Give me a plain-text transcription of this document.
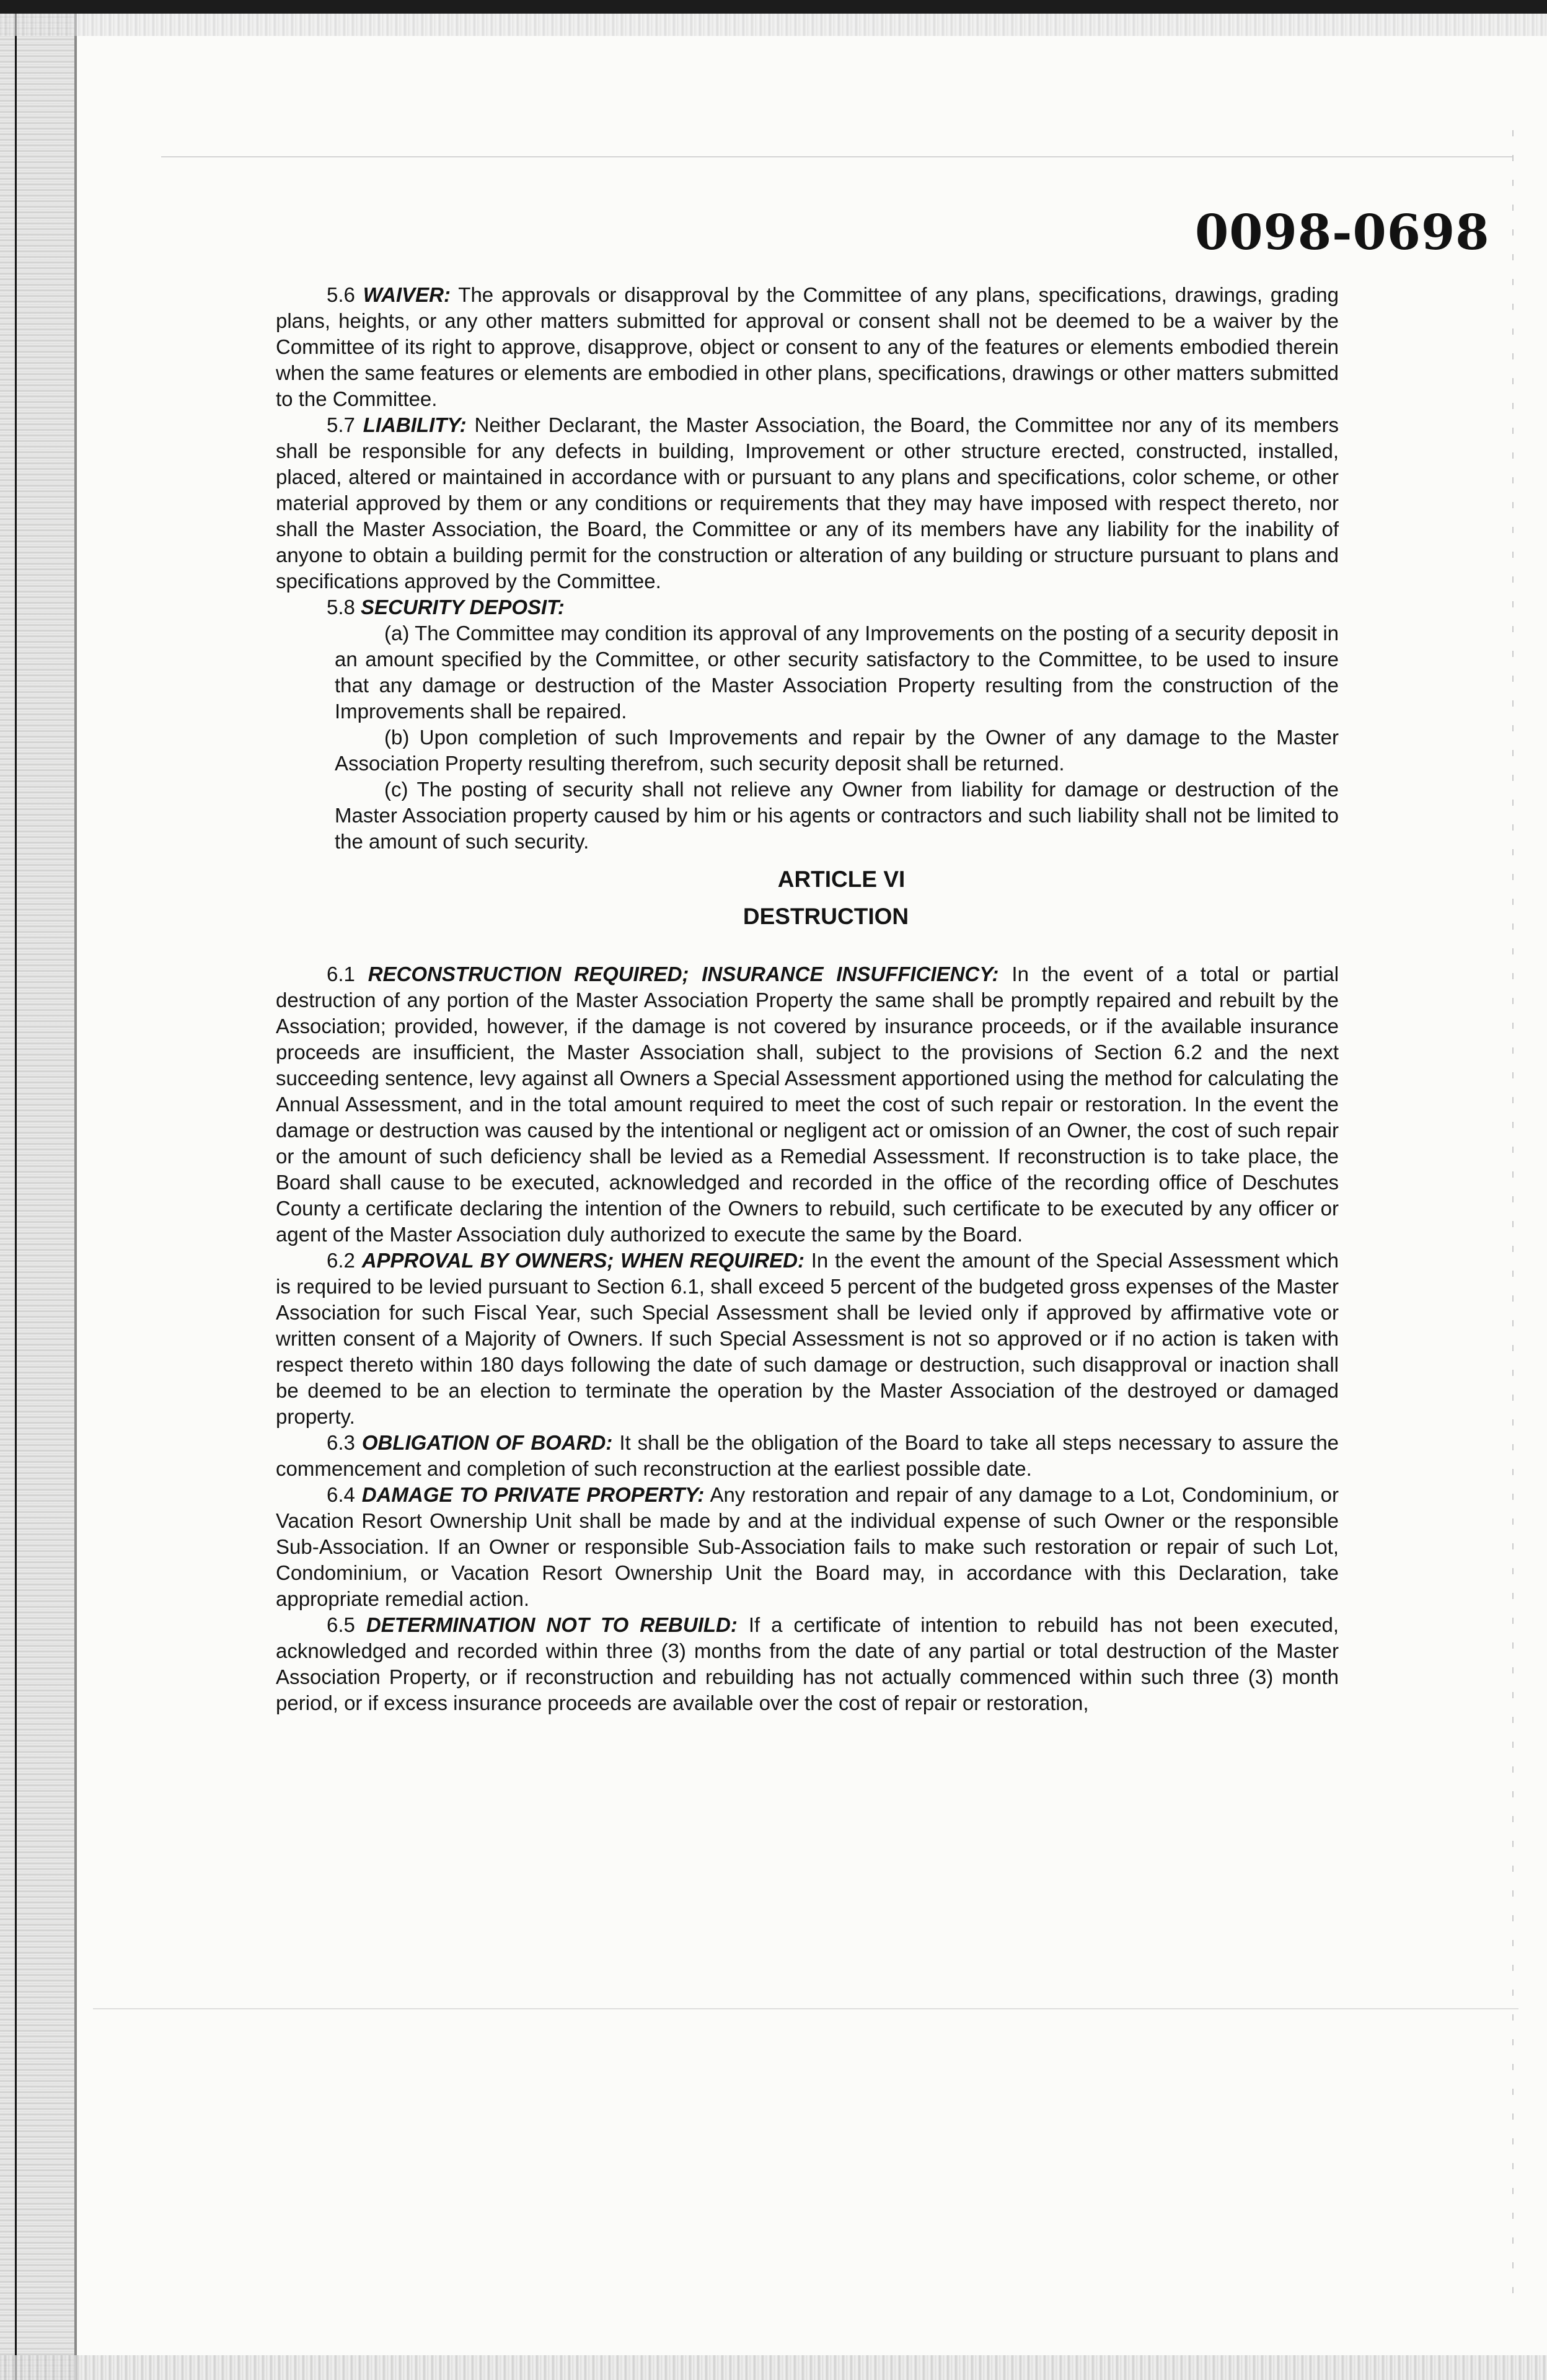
0098-0698

5.6 WAIVER: The approvals or disapproval by the Committee of any plans, specifications, drawings, grading plans, heights, or any other matters submitted for approval or consent shall not be deemed to be a waiver by the Committee of its right to approve, disapprove, object or consent to any of the features or elements embodied therein when the same features or elements are embodied in other plans, specifications, drawings or other matters submitted to the Committee.

5.7 LIABILITY: Neither Declarant, the Master Association, the Board, the Committee nor any of its members shall be responsible for any defects in building, Improvement or other structure erected, constructed, installed, placed, altered or maintained in accordance with or pursuant to any plans and specifications, color scheme, or other material approved by them or any conditions or requirements that they may have imposed with respect thereto, nor shall the Master Association, the Board, the Committee or any of its members have any liability for the inability of anyone to obtain a building permit for the construction or alteration of any building or structure pursuant to plans and specifications approved by the Committee.

5.8 SECURITY DEPOSIT:

(a) The Committee may condition its approval of any Improvements on the posting of a security deposit in an amount specified by the Committee, or other security satisfactory to the Committee, to be used to insure that any damage or destruction of the Master Association Property resulting from the construction of the Improvements shall be repaired.

(b) Upon completion of such Improvements and repair by the Owner of any damage to the Master Association Property resulting therefrom, such security deposit shall be returned.

(c) The posting of security shall not relieve any Owner from liability for damage or destruction of the Master Association property caused by him or his agents or contractors and such liability shall not be limited to the amount of such security.

ARTICLE VI
DESTRUCTION

6.1 RECONSTRUCTION REQUIRED; INSURANCE INSUFFICIENCY: In the event of a total or partial destruction of any portion of the Master Association Property the same shall be promptly repaired and rebuilt by the Association; provided, however, if the damage is not covered by insurance proceeds, or if the available insurance proceeds are insufficient, the Master Association shall, subject to the provisions of Section 6.2 and the next succeeding sentence, levy against all Owners a Special Assessment apportioned using the method for calculating the Annual Assessment, and in the total amount required to meet the cost of such repair or restoration. In the event the damage or destruction was caused by the intentional or negligent act or omission of an Owner, the cost of such repair or the amount of such deficiency shall be levied as a Remedial Assessment. If reconstruction is to take place, the Board shall cause to be executed, acknowledged and recorded in the office of the recording office of Deschutes County a certificate declaring the intention of the Owners to rebuild, such certificate to be executed by any officer or agent of the Master Association duly authorized to execute the same by the Board.

6.2 APPROVAL BY OWNERS; WHEN REQUIRED: In the event the amount of the Special Assessment which is required to be levied pursuant to Section 6.1, shall exceed 5 percent of the budgeted gross expenses of the Master Association for such Fiscal Year, such Special Assessment shall be levied only if approved by affirmative vote or written consent of a Majority of Owners. If such Special Assessment is not so approved or if no action is taken with respect thereto within 180 days following the date of such damage or destruction, such disapproval or inaction shall be deemed to be an election to terminate the operation by the Master Association of the destroyed or damaged property.

6.3 OBLIGATION OF BOARD: It shall be the obligation of the Board to take all steps necessary to assure the commencement and completion of such reconstruction at the earliest possible date.

6.4 DAMAGE TO PRIVATE PROPERTY: Any restoration and repair of any damage to a Lot, Condominium, or Vacation Resort Ownership Unit shall be made by and at the individual expense of such Owner or the responsible Sub-Association. If an Owner or responsible Sub-Association fails to make such restoration or repair of such Lot, Condominium, or Vacation Resort Ownership Unit the Board may, in accordance with this Declaration, take appropriate remedial action.

6.5 DETERMINATION NOT TO REBUILD: If a certificate of intention to rebuild has not been executed, acknowledged and recorded within three (3) months from the date of any partial or total destruction of the Master Association Property, or if reconstruction and rebuilding has not actually commenced within such three (3) month period, or if excess insurance proceeds are available over the cost of repair or restoration,
